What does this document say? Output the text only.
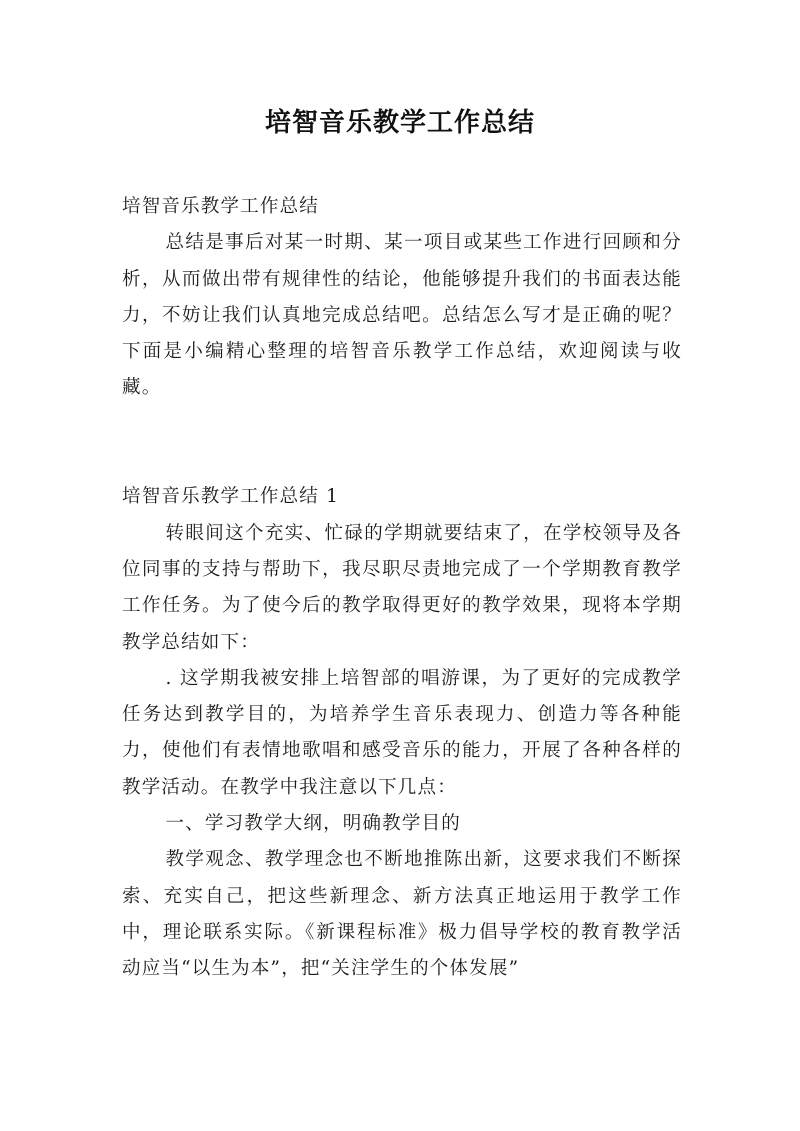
培智音乐教学工作总结

培智音乐教学工作总结

总结是事后对某一时期、某一项目或某些工作进行回顾和分析，从而做出带有规律性的结论，他能够提升我们的书面表达能力，不妨让我们认真地完成总结吧。总结怎么写才是正确的呢？下面是小编精心整理的培智音乐教学工作总结，欢迎阅读与收藏。

培智音乐教学工作总结 1

转眼间这个充实、忙碌的学期就要结束了，在学校领导及各位同事的支持与帮助下，我尽职尽责地完成了一个学期教育教学工作任务。为了使今后的教学取得更好的教学效果，现将本学期教学总结如下：

. 这学期我被安排上培智部的唱游课，为了更好的完成教学任务达到教学目的，为培养学生音乐表现力、创造力等各种能力，使他们有表情地歌唱和感受音乐的能力，开展了各种各样的教学活动。在教学中我注意以下几点：

一、学习教学大纲，明确教学目的

教学观念、教学理念也不断地推陈出新，这要求我们不断探索、充实自己，把这些新理念、新方法真正地运用于教学工作中，理论联系实际。《新课程标准》极力倡导学校的教育教学活动应当“以生为本”，把“关注学生的个体发展”
